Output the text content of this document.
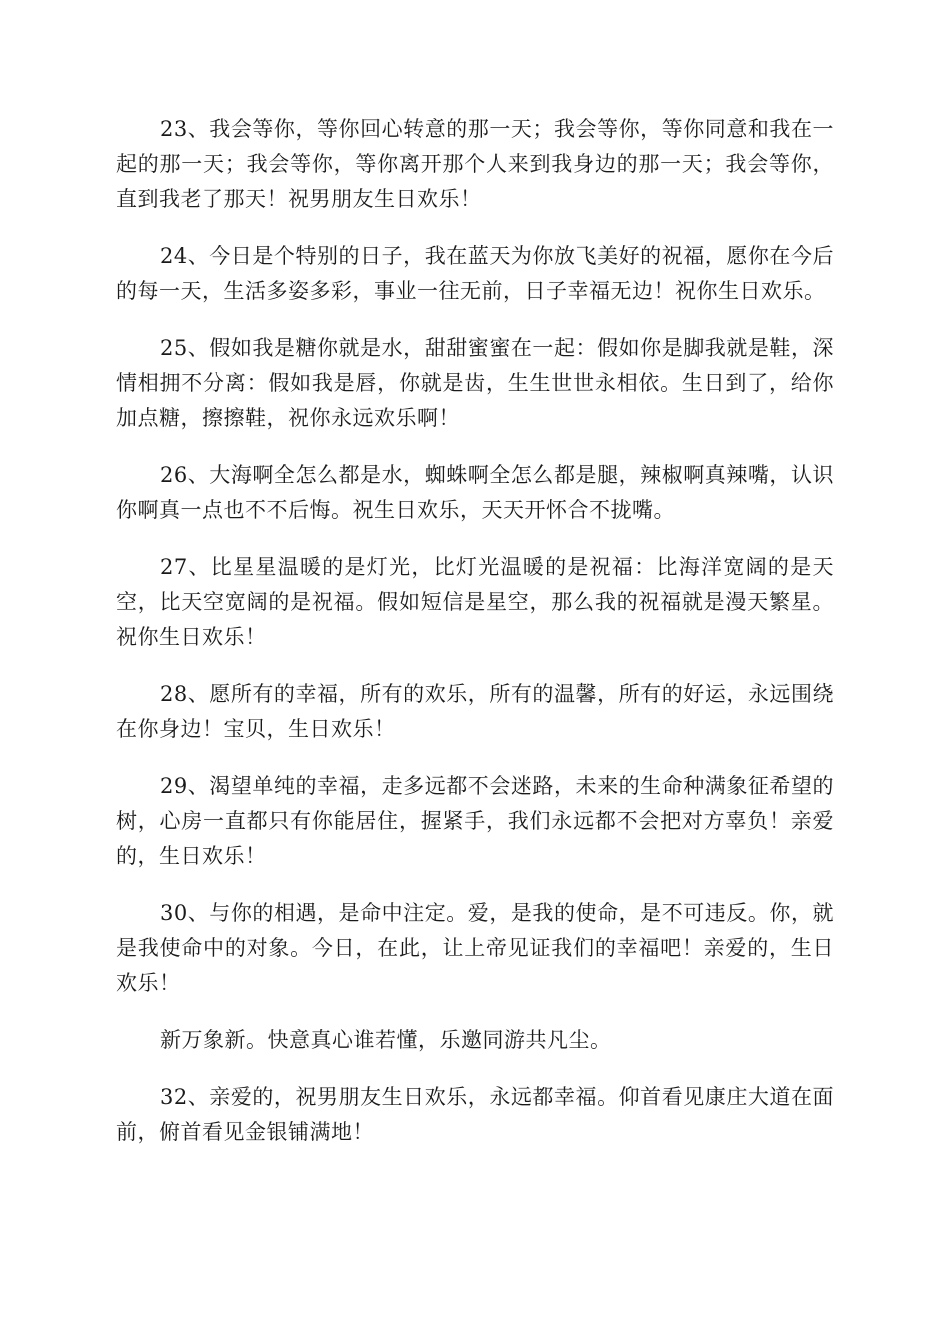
23、我会等你，等你回心转意的那一天；我会等你，等你同意和我在一起的那一天；我会等你，等你离开那个人来到我身边的那一天；我会等你，直到我老了那天！祝男朋友生日欢乐！

24、今日是个特别的日子，我在蓝天为你放飞美好的祝福，愿你在今后的每一天，生活多姿多彩，事业一往无前，日子幸福无边！祝你生日欢乐。

25、假如我是糖你就是水，甜甜蜜蜜在一起：假如你是脚我就是鞋，深情相拥不分离：假如我是唇，你就是齿，生生世世永相依。生日到了，给你加点糖，擦擦鞋，祝你永远欢乐啊！

26、大海啊全怎么都是水，蜘蛛啊全怎么都是腿，辣椒啊真辣嘴，认识你啊真一点也不不后悔。祝生日欢乐，天天开怀合不拢嘴。

27、比星星温暖的是灯光，比灯光温暖的是祝福：比海洋宽阔的是天空，比天空宽阔的是祝福。假如短信是星空，那么我的祝福就是漫天繁星。祝你生日欢乐！

28、愿所有的幸福，所有的欢乐，所有的温馨，所有的好运，永远围绕在你身边！宝贝，生日欢乐！

29、渴望单纯的幸福，走多远都不会迷路，未来的生命种满象征希望的树，心房一直都只有你能居住，握紧手，我们永远都不会把对方辜负！亲爱的，生日欢乐！

30、与你的相遇，是命中注定。爱，是我的使命，是不可违反。你，就是我使命中的对象。今日，在此，让上帝见证我们的幸福吧！亲爱的，生日欢乐！

新万象新。快意真心谁若懂，乐邀同游共凡尘。

32、亲爱的，祝男朋友生日欢乐，永远都幸福。仰首看见康庄大道在面前，俯首看见金银铺满地！
